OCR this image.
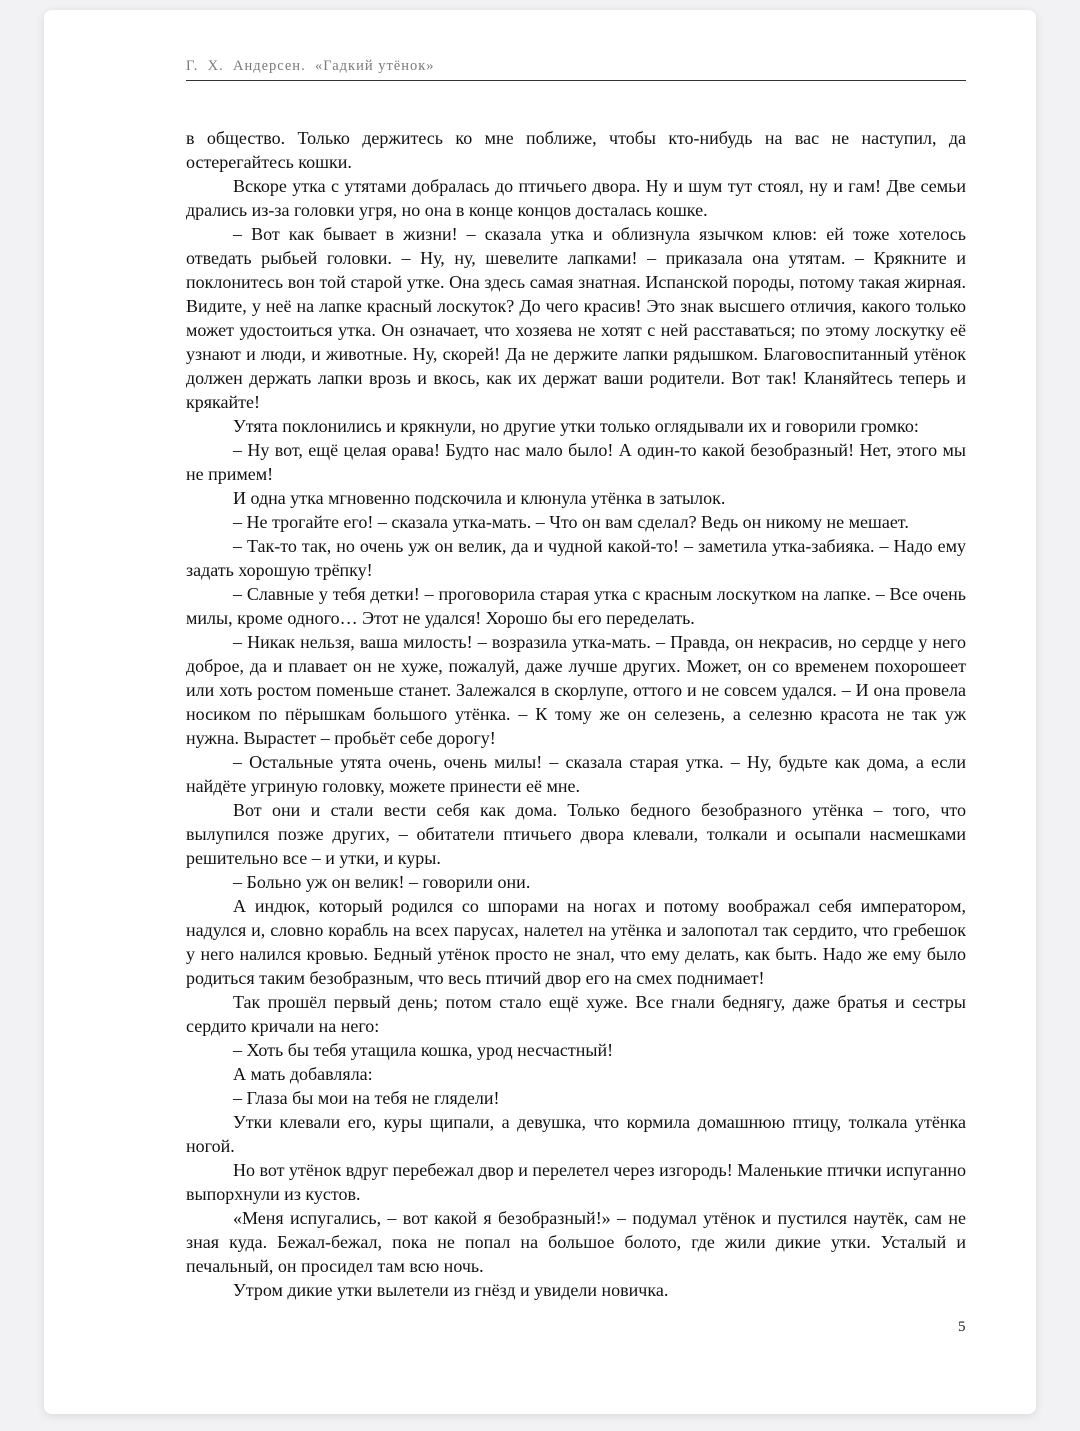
Г.  Х.  Андерсен.  «Гадкий утёнок»

в общество. Только держитесь ко мне поближе, чтобы кто-нибудь на вас не наступил, да остерегайтесь кошки.

Вскоре утка с утятами добралась до птичьего двора. Ну и шум тут стоял, ну и гам! Две семьи дрались из-за головки угря, но она в конце концов досталась кошке.

– Вот как бывает в жизни! – сказала утка и облизнула язычком клюв: ей тоже хотелось отведать рыбьей головки. – Ну, ну, шевелите лапками! – приказала она утятам. – Крякните и поклонитесь вон той старой утке. Она здесь самая знатная. Испанской породы, потому такая жирная. Видите, у неё на лапке красный лоскуток? До чего красив! Это знак высшего отличия, какого только может удостоиться утка. Он означает, что хозяева не хотят с ней расставаться; по этому лоскутку её узнают и люди, и животные. Ну, скорей! Да не держите лапки рядышком. Благовоспитанный утёнок должен держать лапки врозь и вкось, как их держат ваши родители. Вот так! Кланяйтесь теперь и крякайте!

Утята поклонились и крякнули, но другие утки только оглядывали их и говорили громко:

– Ну вот, ещё целая орава! Будто нас мало было! А один-то какой безобразный! Нет, этого мы не примем!

И одна утка мгновенно подскочила и клюнула утёнка в затылок.

– Не трогайте его! – сказала утка-мать. – Что он вам сделал? Ведь он никому не мешает.

– Так-то так, но очень уж он велик, да и чудной какой-то! – заметила утка-забияка. – Надо ему задать хорошую трёпку!

– Славные у тебя детки! – проговорила старая утка с красным лоскутком на лапке. – Все очень милы, кроме одного… Этот не удался! Хорошо бы его переделать.

– Никак нельзя, ваша милость! – возразила утка-мать. – Правда, он некрасив, но сердце у него доброе, да и плавает он не хуже, пожалуй, даже лучше других. Может, он со временем похорошеет или хоть ростом поменьше станет. Залежался в скорлупе, оттого и не совсем удался. – И она провела носиком по пёрышкам большого утёнка. – К тому же он селезень, а селезню красота не так уж нужна. Вырастет – пробьёт себе дорогу!

– Остальные утята очень, очень милы! – сказала старая утка. – Ну, будьте как дома, а если найдёте угриную головку, можете принести её мне.

Вот они и стали вести себя как дома. Только бедного безобразного утёнка – того, что вылупился позже других, – обитатели птичьего двора клевали, толкали и осыпали насмешками решительно все – и утки, и куры.

– Больно уж он велик! – говорили они.

А индюк, который родился со шпорами на ногах и потому воображал себя императором, надулся и, словно корабль на всех парусах, налетел на утёнка и залопотал так сердито, что гребешок у него налился кровью. Бедный утёнок просто не знал, что ему делать, как быть. Надо же ему было родиться таким безобразным, что весь птичий двор его на смех поднимает!

Так прошёл первый день; потом стало ещё хуже. Все гнали беднягу, даже братья и сестры сердито кричали на него:

– Хоть бы тебя утащила кошка, урод несчастный!

А мать добавляла:

– Глаза бы мои на тебя не глядели!

Утки клевали его, куры щипали, а девушка, что кормила домашнюю птицу, толкала утёнка ногой.

Но вот утёнок вдруг перебежал двор и перелетел через изгородь! Маленькие птички испуганно выпорхнули из кустов.

«Меня испугались, – вот какой я безобразный!» – подумал утёнок и пустился наутёк, сам не зная куда. Бежал-бежал, пока не попал на большое болото, где жили дикие утки. Усталый и печальный, он просидел там всю ночь.

Утром дикие утки вылетели из гнёзд и увидели новичка.

5
